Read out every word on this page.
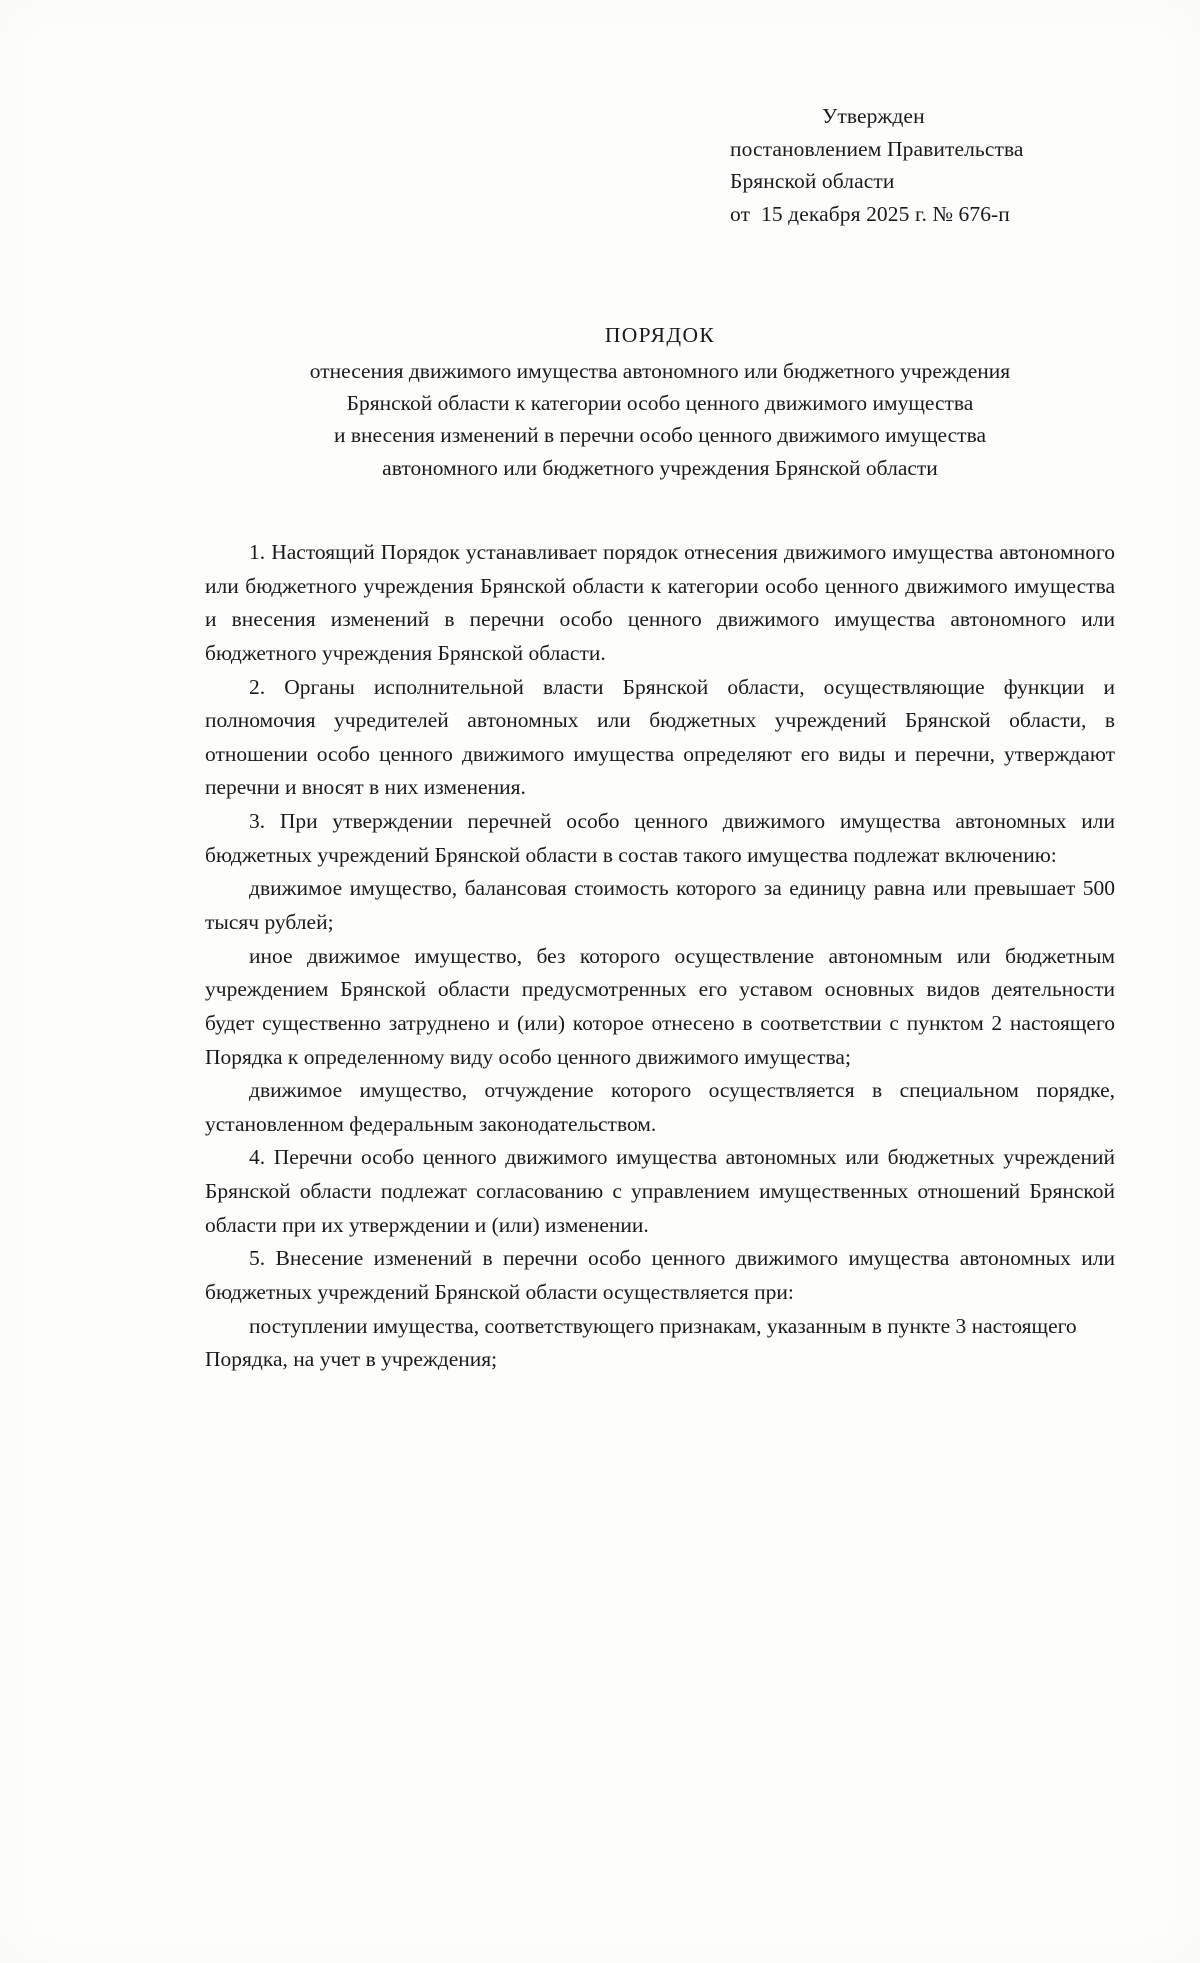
Утвержден
постановлением Правительства
Брянской области
от  15 декабря 2025 г. № 676-п
ПОРЯДОК
отнесения движимого имущества автономного или бюджетного учреждения
Брянской области к категории особо ценного движимого имущества
и внесения изменений в перечни особо ценного движимого имущества
автономного или бюджетного учреждения Брянской области

1. Настоящий Порядок устанавливает порядок отнесения движимого имущества автономного или бюджетного учреждения Брянской области к категории особо ценного движимого имущества и внесения изменений в перечни особо ценного движимого имущества автономного или бюджетного учреждения Брянской области.

2. Органы исполнительной власти Брянской области, осуществляющие функции и полномочия учредителей автономных или бюджетных учреждений Брянской области, в отношении особо ценного движимого имущества определяют его виды и перечни, утверждают перечни и вносят в них изменения.

3. При утверждении перечней особо ценного движимого имущества автономных или бюджетных учреждений Брянской области в состав такого имущества подлежат включению:

движимое имущество, балансовая стоимость которого за единицу равна или превышает 500 тысяч рублей;

иное движимое имущество, без которого осуществление автономным или бюджетным учреждением Брянской области предусмотренных его уставом основных видов деятельности будет существенно затруднено и (или) которое отнесено в соответствии с пунктом 2 настоящего Порядка к определенному виду особо ценного движимого имущества;

движимое имущество, отчуждение которого осуществляется в специальном порядке, установленном федеральным законодательством.

4. Перечни особо ценного движимого имущества автономных или бюджетных учреждений Брянской области подлежат согласованию с управлением имущественных отношений Брянской области при их утверждении и (или) изменении.

5. Внесение изменений в перечни особо ценного движимого имущества автономных или бюджетных учреждений Брянской области осуществляется при:

поступлении имущества, соответствующего признакам, указанным в пункте 3 настоящего Порядка, на учет в учреждения;
